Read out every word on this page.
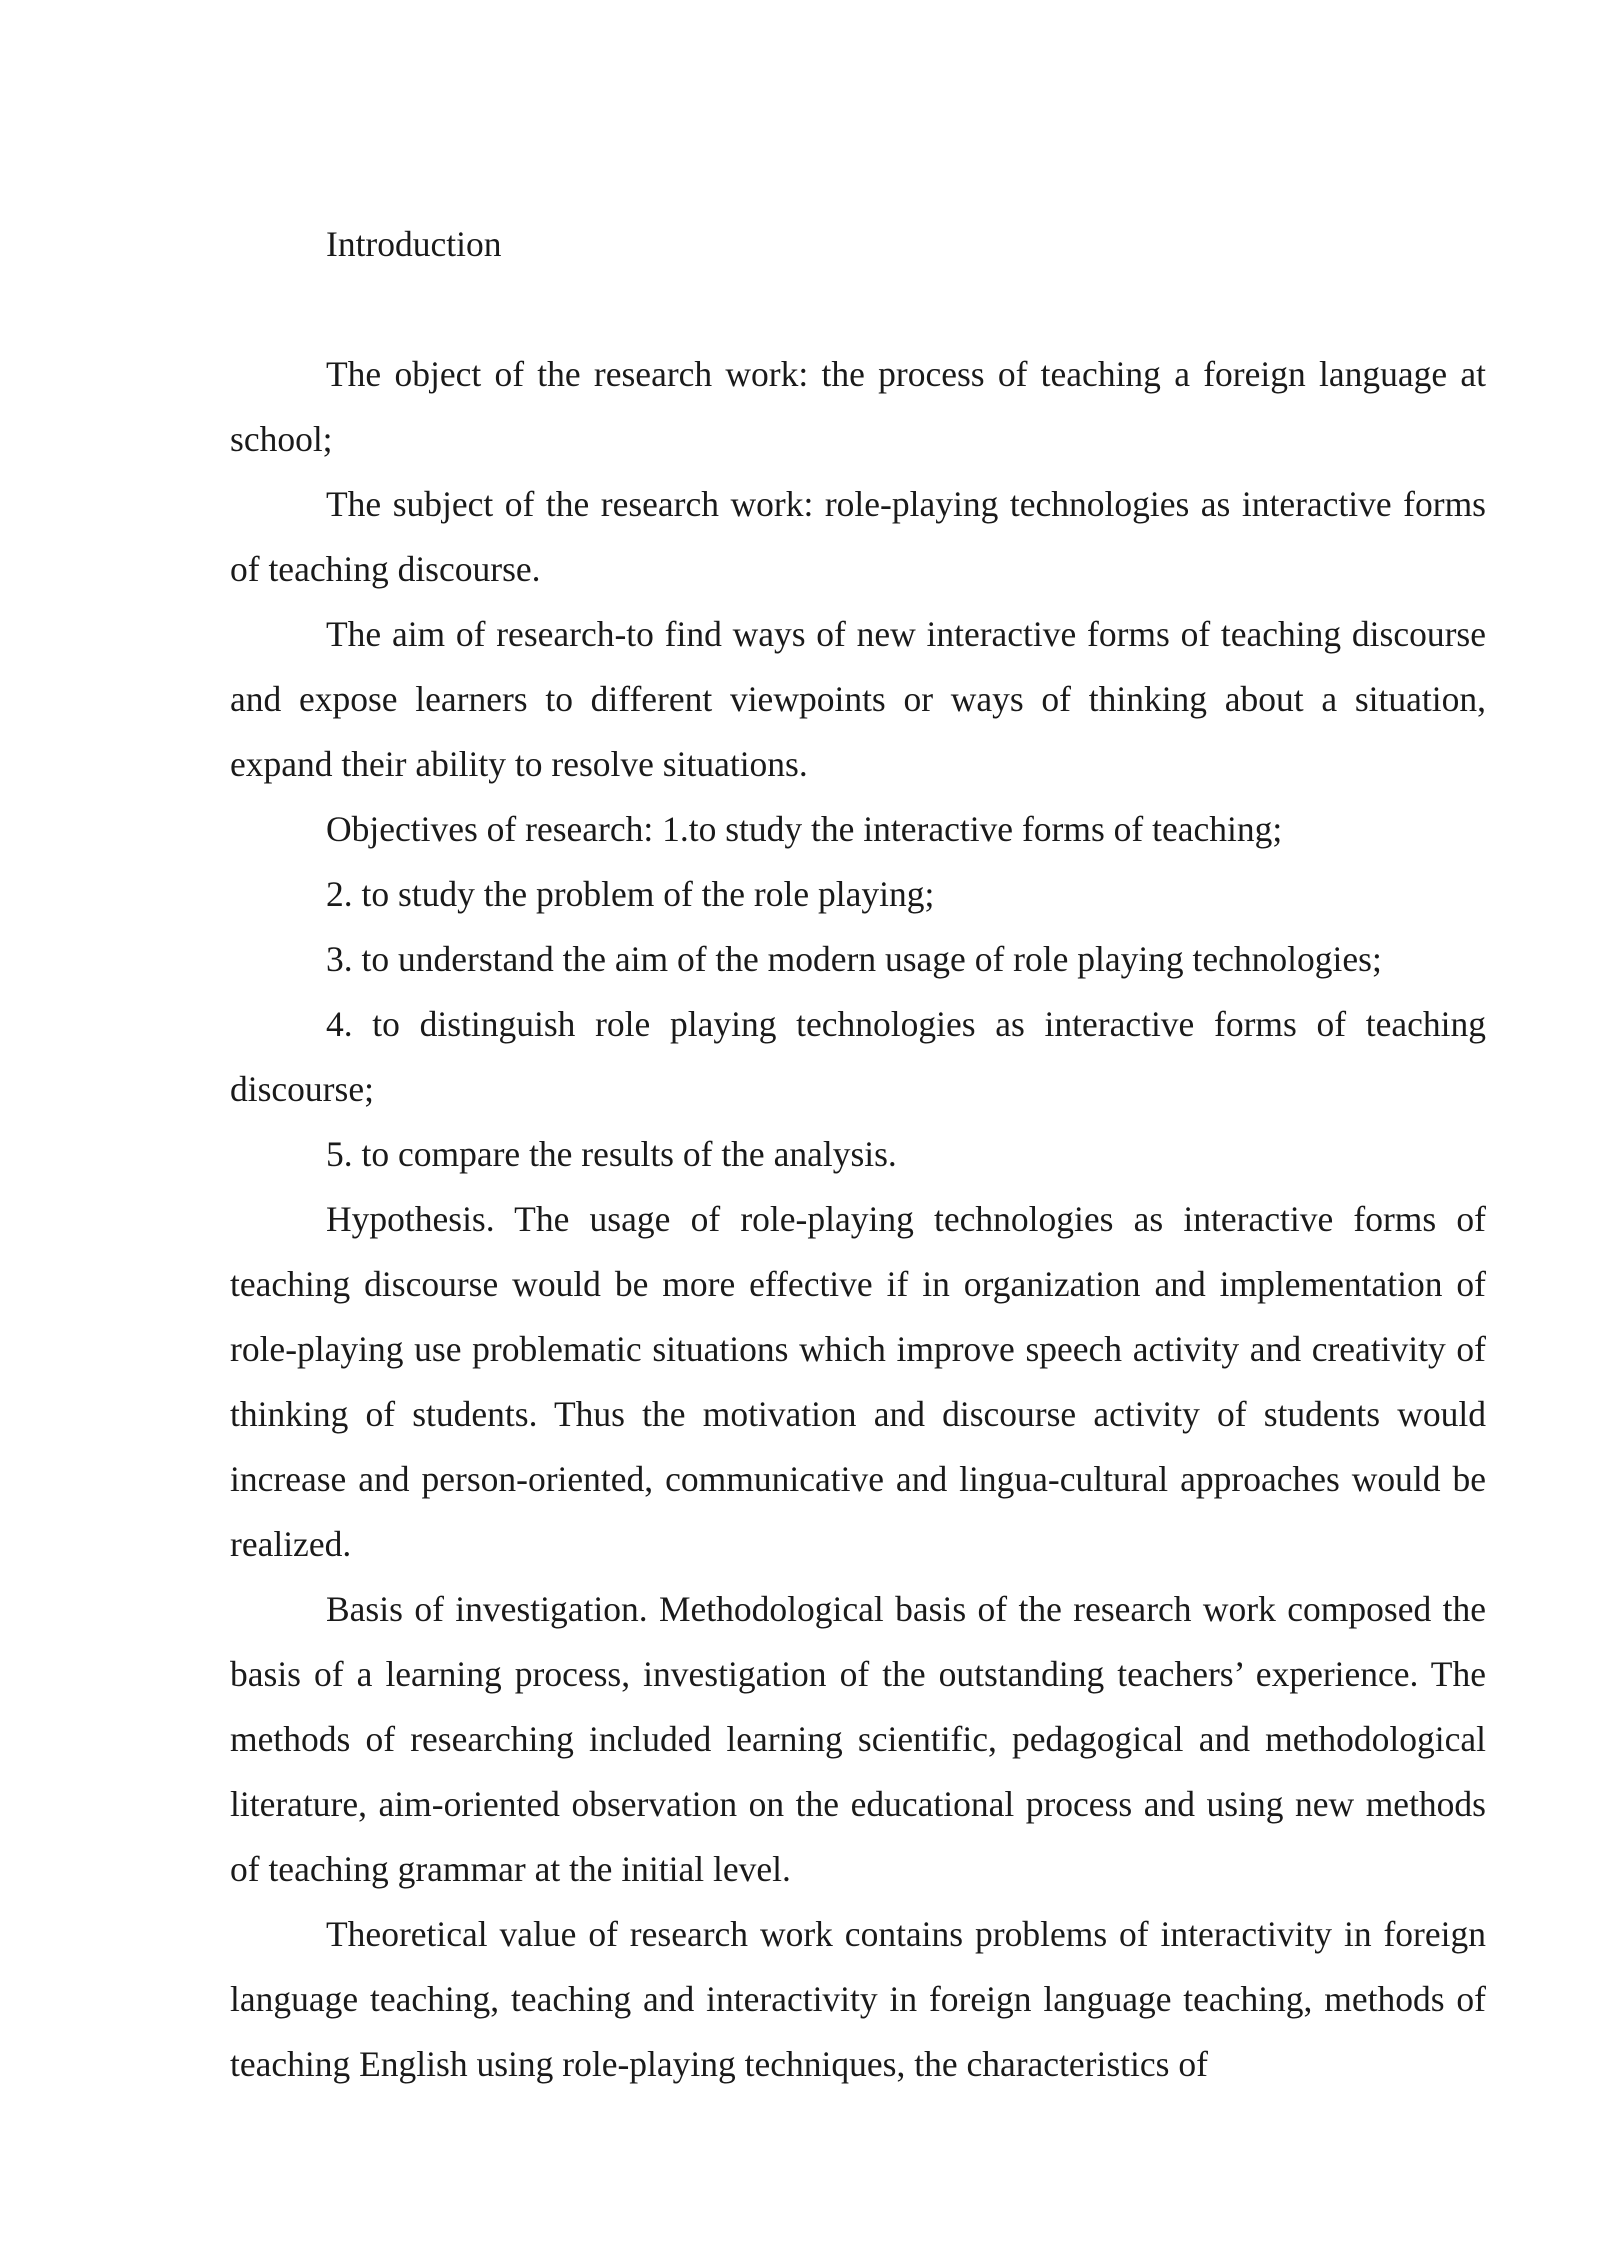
Introduction

The object of the research work: the process of teaching a foreign language at school;

The subject of the research work: role-playing technologies as interactive forms of teaching discourse.

The aim of research-to find ways of new interactive forms of teaching discourse and expose learners to different viewpoints or ways of thinking about a situation, expand their ability to resolve situations.

Objectives of research: 1.to study the interactive forms of teaching;

2. to study the problem of the role playing;

3. to understand the aim of the modern usage of role playing technologies;

4. to distinguish role playing technologies as interactive forms of teaching discourse;

5. to compare the results of the analysis.

Hypothesis. The usage of role-playing technologies as interactive forms of teaching discourse would be more effective if in organization and implementation of role-playing use problematic situations which improve speech activity and creativity of thinking of students. Thus the motivation and discourse activity of students would increase and person-oriented, communicative and lingua-cultural approaches would be realized.

Basis of investigation. Methodological basis of the research work composed the basis of a learning process, investigation of the outstanding teachers’ experience. The methods of researching included learning scientific, pedagogical and methodological literature, aim-oriented observation on the educational process and using new methods of teaching grammar at the initial level.

Theoretical value of research work contains problems of interactivity in foreign language teaching, teaching and interactivity in foreign language teaching, methods of teaching English using role-playing techniques, the characteristics of
